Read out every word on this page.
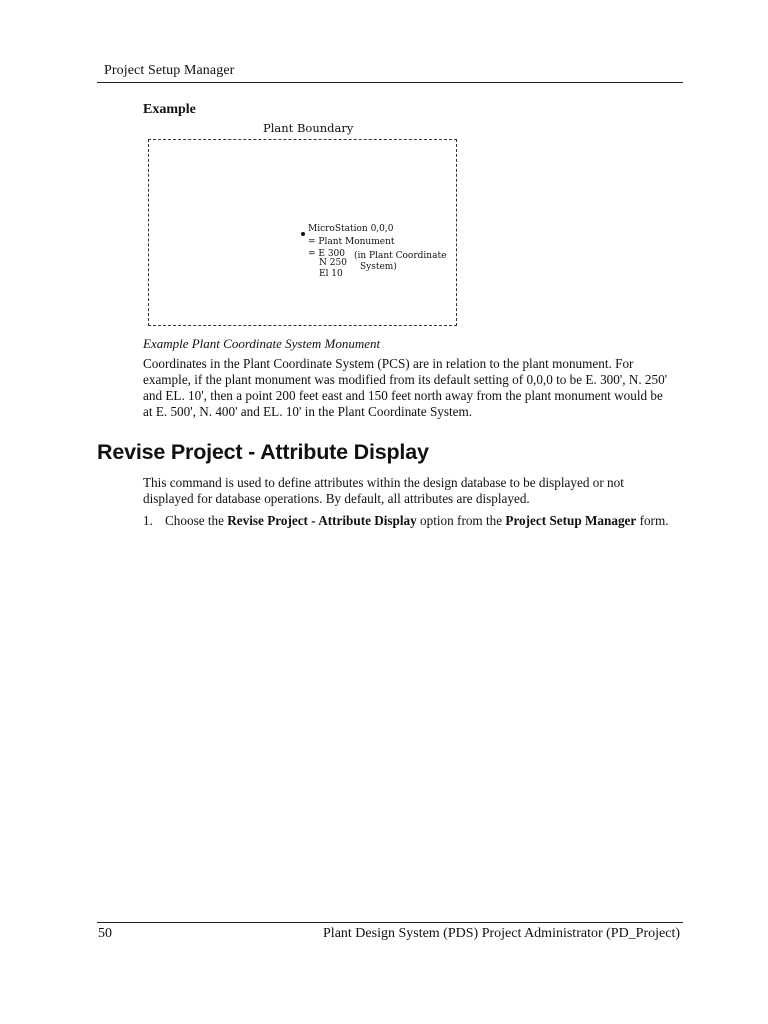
Project Setup Manager
Example
Plant Boundary
MicroStation 0,0,0
= Plant Monument
= E 300
N 250
El 10
(in Plant Coordinate
System)
Example Plant Coordinate System Monument
Coordinates in the Plant Coordinate System (PCS) are in relation to the plant monument. For example, if the plant monument was modified from its default setting of 0,0,0 to be E. 300', N. 250' and EL. 10', then a point 200 feet east and 150 feet north away from the plant monument would be at E. 500', N. 400' and EL. 10' in the Plant Coordinate System.
Revise Project - Attribute Display
This command is used to define attributes within the design database to be displayed or not displayed for database operations. By default, all attributes are displayed.
1. Choose the Revise Project - Attribute Display option from the Project Setup Manager form.
50	Plant Design System (PDS) Project Administrator (PD_Project)
